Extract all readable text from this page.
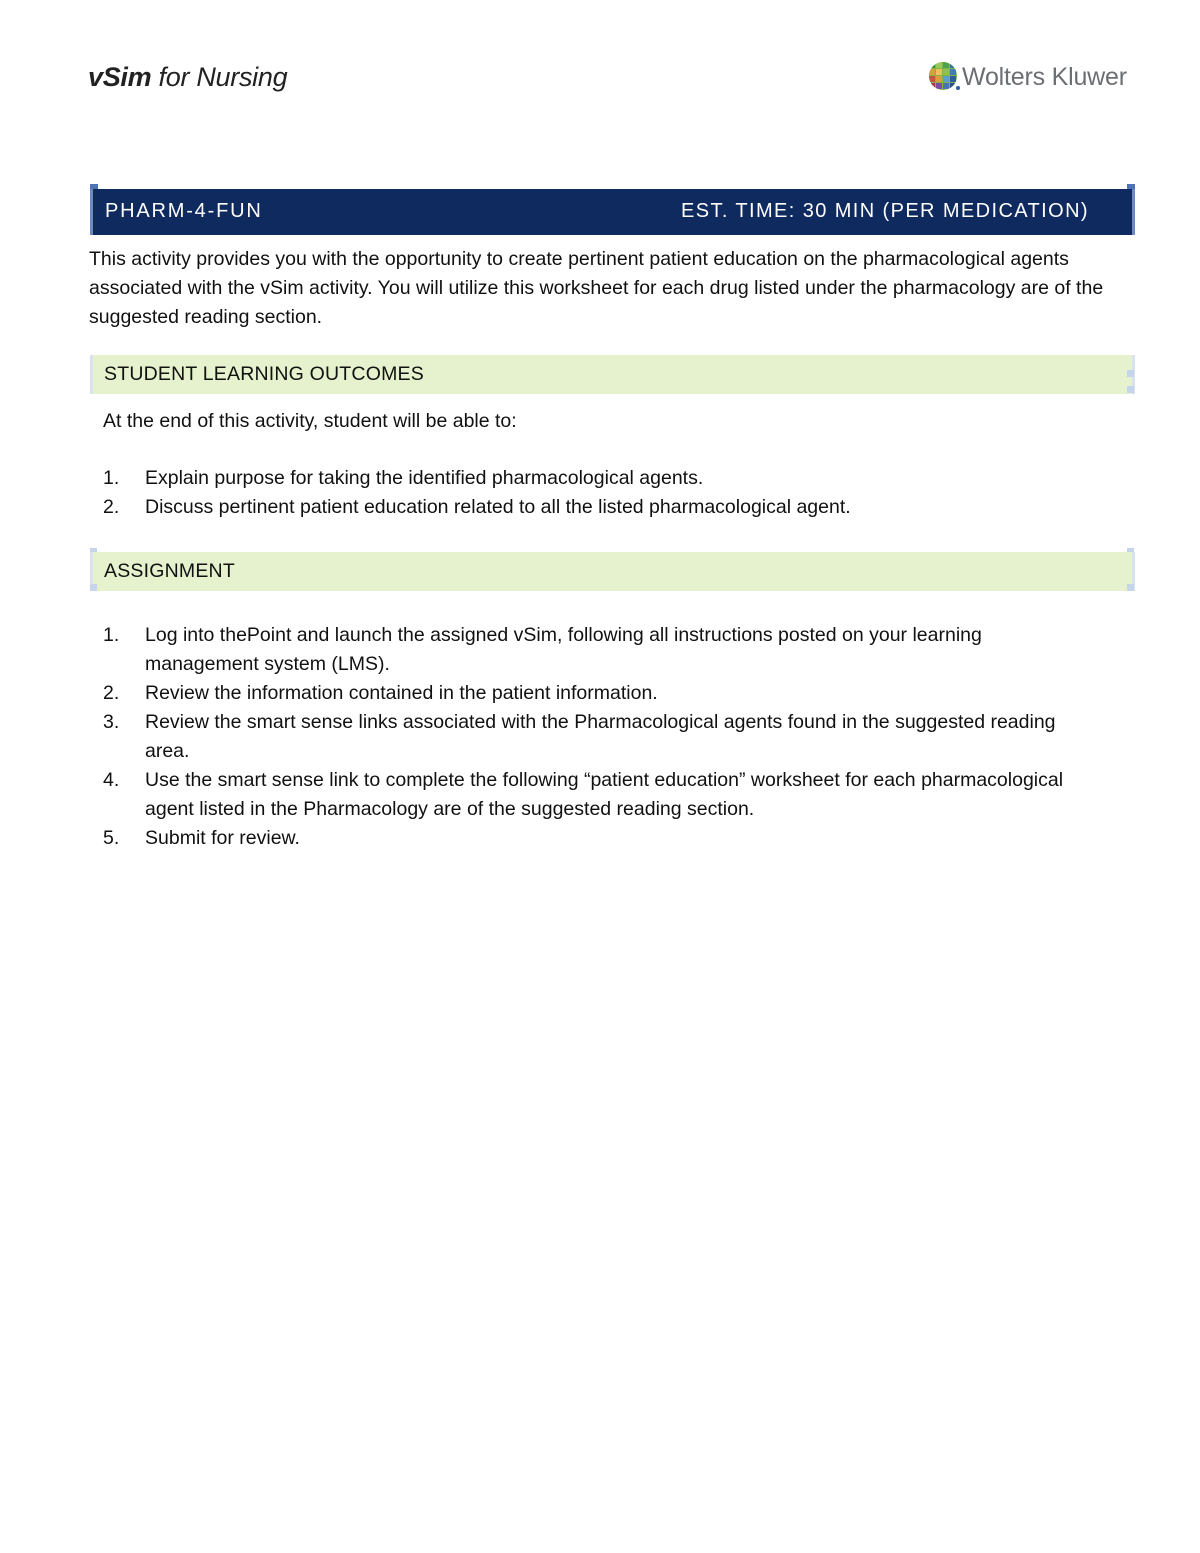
vSim for Nursing	Wolters Kluwer
PHARM-4-FUN	EST. TIME: 30 MIN (PER MEDICATION)

This activity provides you with the opportunity to create pertinent patient education on the pharmacological agents associated with the vSim activity. You will utilize this worksheet for each drug listed under the pharmacology are of the suggested reading section.

STUDENT LEARNING OUTCOMES

At the end of this activity, student will be able to:

1. Explain purpose for taking the identified pharmacological agents.
2. Discuss pertinent patient education related to all the listed pharmacological agent.
ASSIGNMENT
1. Log into thePoint and launch the assigned vSim, following all instructions posted on your learning management system (LMS).
2. Review the information contained in the patient information.
3. Review the smart sense links associated with the Pharmacological agents found in the suggested reading area.
4. Use the smart sense link to complete the following “patient education” worksheet for each pharmacological agent listed in the Pharmacology are of the suggested reading section.
5. Submit for review.
